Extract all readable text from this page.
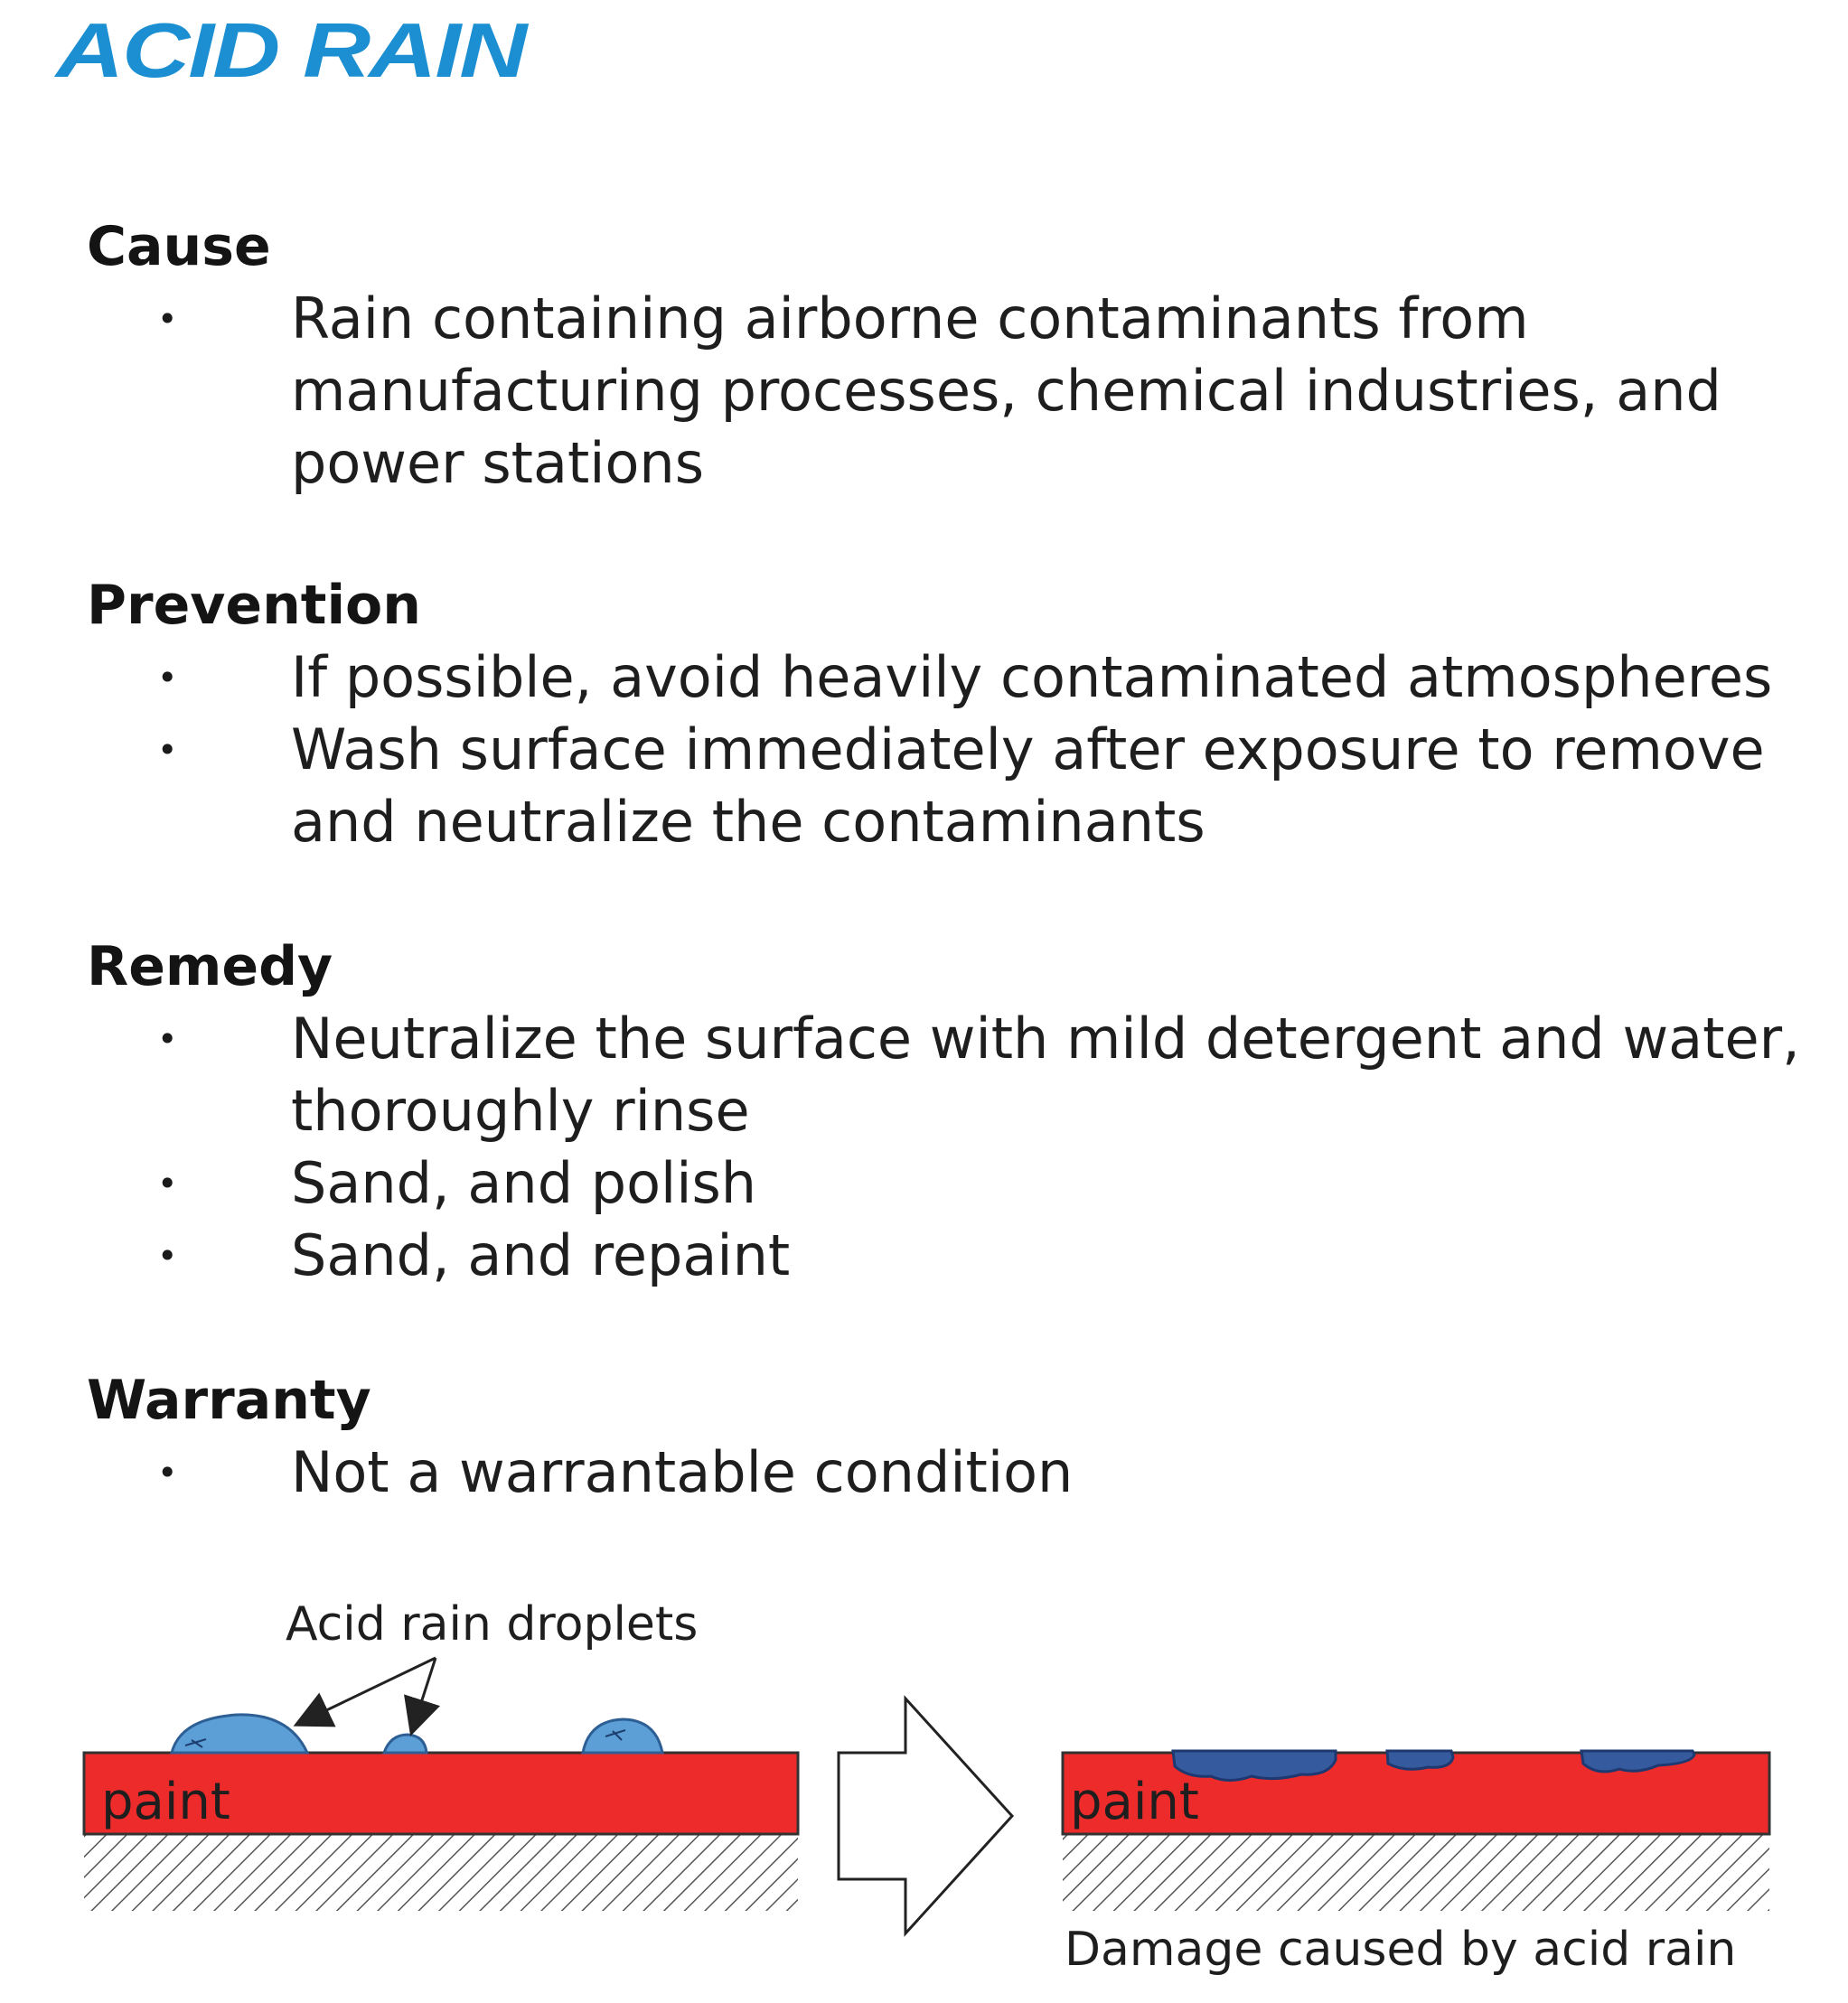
ACID RAIN
Cause
•	Rain containing airborne contaminants from
manufacturing processes, chemical industries, and
power stations
Prevention
•	If possible, avoid heavily contaminated atmospheres
•	Wash surface immediately after exposure to remove
and neutralize the contaminants
Remedy
•	Neutralize the surface with mild detergent and water,
thoroughly rinse
•	Sand, and polish
•	Sand, and repaint
Warranty
•	Not a warrantable condition
Acid rain droplets
paint	paint
Damage caused by acid rain
